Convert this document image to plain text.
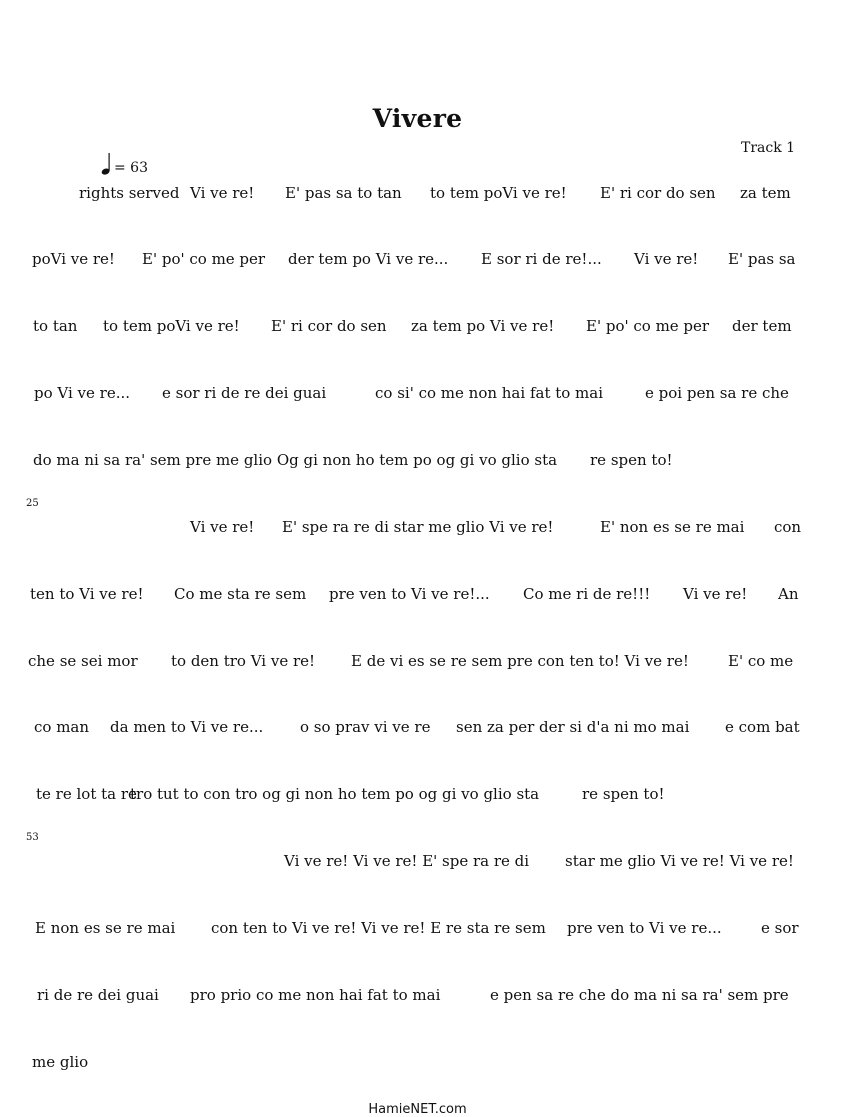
Vivere
Track 1
= 63
25
53

rights served

Vi ve re!

E' pas sa to tan

to tem poVi ve re!

E' ri cor do sen

za tem

poVi ve re!

E' po' co me per

der tem po Vi ve re...

E sor ri de re!...

Vi ve re!

E' pas sa

to tan

to tem poVi ve re!

E' ri cor do sen

za tem po Vi ve re!

E' po' co me per

der tem

po Vi ve re...

e sor ri de re dei guai

	co si' co me non hai fat to mai

	e poi pen sa re che

do ma ni sa ra' sem pre me glio Og gi non ho tem po og gi vo glio sta

re spen to!

Vi ve re!

E' spe ra re di star me glio Vi ve re!

	E' non es se re mai

con

ten to Vi ve re!

Co me sta re sem

pre ven to Vi ve re!...

Co me ri de re!!!

Vi ve re!

An

che se sei mor

to den tro Vi ve re!

E de vi es se re sem pre con ten to! Vi ve re!

	E' co me

co man

da men to Vi ve re...

o so prav vi ve re

sen za per der si d'a ni mo mai

e com bat

te re lot ta re

tro tut to con tro og gi non ho tem po og gi vo glio sta

	re spen to!

Vi ve re! Vi ve re! E' spe ra re di

star me glio Vi ve re! Vi ve re!

E non es se re mai

con ten to Vi ve re! Vi ve re! E re sta re sem

pre ven to Vi ve re...

	e sor

ri de re dei guai

pro prio co me non hai fat to mai

	e pen sa re che do ma ni sa ra' sem pre

me glio

HamieNET.com
